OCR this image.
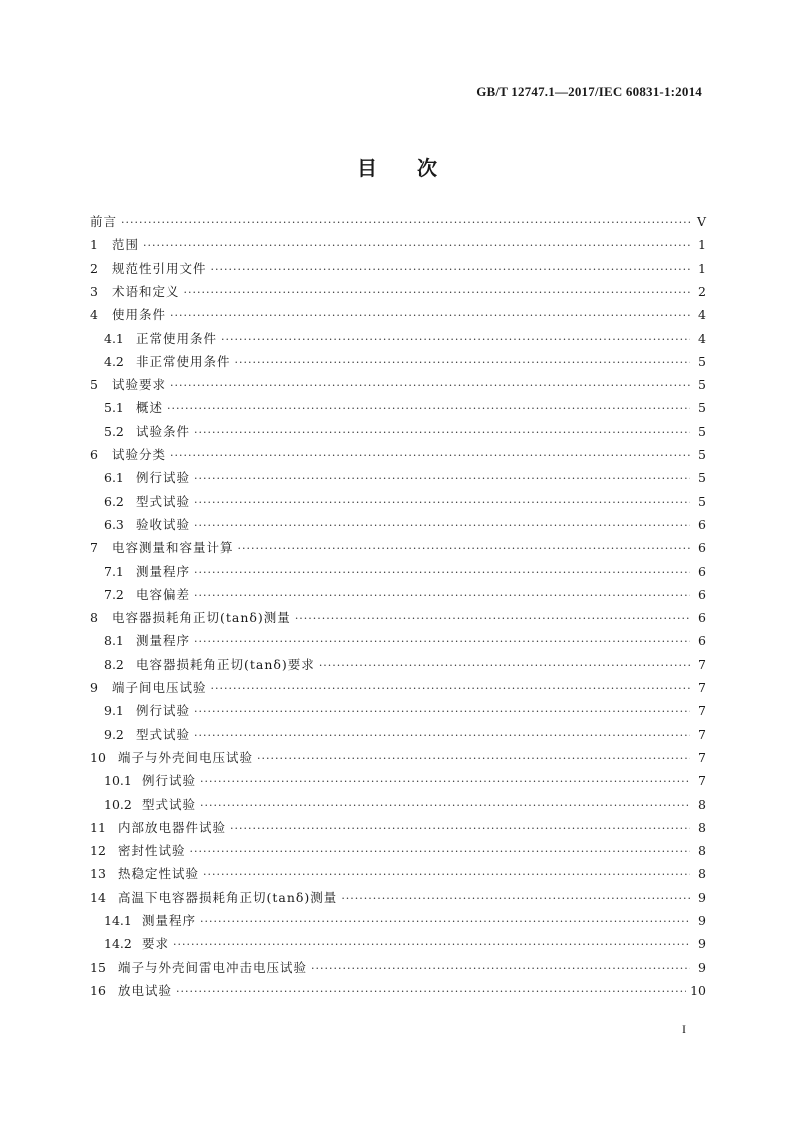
GB/T 12747.1—2017/IEC 60831-1:2014
目 次
前言 ·····	V
1	范围 ·····	1
2	规范性引用文件 ·····	1
3	术语和定义 ·····	2
4	使用条件 ·····	4
4.1 正常使用条件 ·····	4
4.2 非正常使用条件 ·····	5
5	试验要求 ·····	5
5.1 概述 ·····	5
5.2 试验条件 ·····	5
6	试验分类 ·····	5
6.1 例行试验 ·····	5
6.2 型式试验 ·····	5
6.3 验收试验 ·····	6
7	电容测量和容量计算 ·····	6
7.1 测量程序 ·····	6
7.2 电容偏差 ·····	6
8	电容器损耗角正切(tanδ)测量 ·····	6
8.1 测量程序 ·····	6
8.2 电容器损耗角正切(tanδ)要求 ·····	7
9	端子间电压试验 ·····	7
9.1 例行试验 ·····	7
9.2 型式试验 ·····	7
10 端子与外壳间电压试验 ·····	7
10.1 例行试验 ·····	7
10.2 型式试验 ·····	8
11 内部放电器件试验 ·····	8
12 密封性试验 ·····	8
13 热稳定性试验 ·····	8
14 高温下电容器损耗角正切(tanδ)测量 ·····	9
14.1 测量程序 ·····	9
14.2 要求 ·····	9
15 端子与外壳间雷电冲击电压试验 ·····	9
16 放电试验 ·····	10
I
